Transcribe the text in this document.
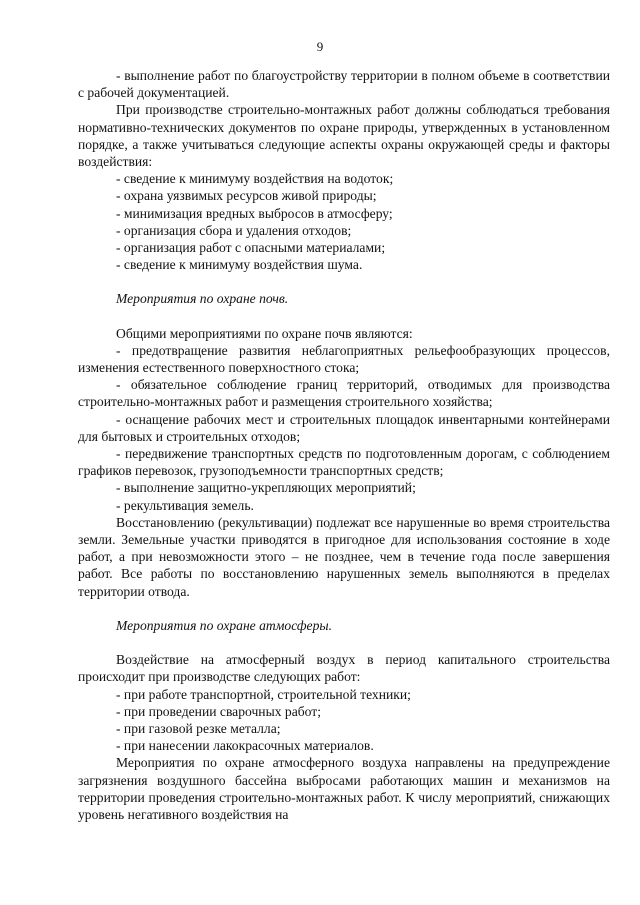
9

- выполнение работ по благоустройству территории в полном объеме в соответствии с рабочей документацией.

При производстве строительно-монтажных работ должны соблюдаться требования нормативно-технических документов по охране природы, утвержденных в установленном порядке, а также учитываться следующие аспекты охраны окружающей среды и факторы воздействия:

- сведение к минимуму воздействия на водоток;

- охрана уязвимых ресурсов живой природы;

- минимизация вредных выбросов в атмосферу;

- организация сбора и удаления отходов;

- организация работ с опасными материалами;

- сведение к минимуму воздействия шума.

Мероприятия по охране почв.

Общими мероприятиями по охране почв являются:

- предотвращение развития неблагоприятных рельефообразующих процессов, изменения естественного поверхностного стока;

- обязательное соблюдение границ территорий, отводимых для производства строительно-монтажных работ и размещения строительного хозяйства;

- оснащение рабочих мест и строительных площадок инвентарными контейнерами для бытовых и строительных отходов;

- передвижение транспортных средств по подготовленным дорогам, с соблюдением графиков перевозок, грузоподъемности транспортных средств;

- выполнение защитно-укрепляющих мероприятий;

- рекультивация земель.

Восстановлению (рекультивации) подлежат все нарушенные во время строительства земли. Земельные участки приводятся в пригодное для использования состояние в ходе работ, а при невозможности этого – не позднее, чем в течение года после завершения работ. Все работы по восстановлению нарушенных земель выполняются в пределах территории отвода.

Мероприятия по охране атмосферы.

Воздействие на атмосферный воздух в период капитального строительства происходит при производстве следующих работ:

- при работе транспортной, строительной техники;

- при проведении сварочных работ;

- при газовой резке металла;

- при нанесении лакокрасочных материалов.

Мероприятия по охране атмосферного воздуха направлены на предупреждение загрязнения воздушного бассейна выбросами работающих машин и механизмов на территории проведения строительно-монтажных работ. К числу мероприятий, снижающих уровень негативного воздействия на
